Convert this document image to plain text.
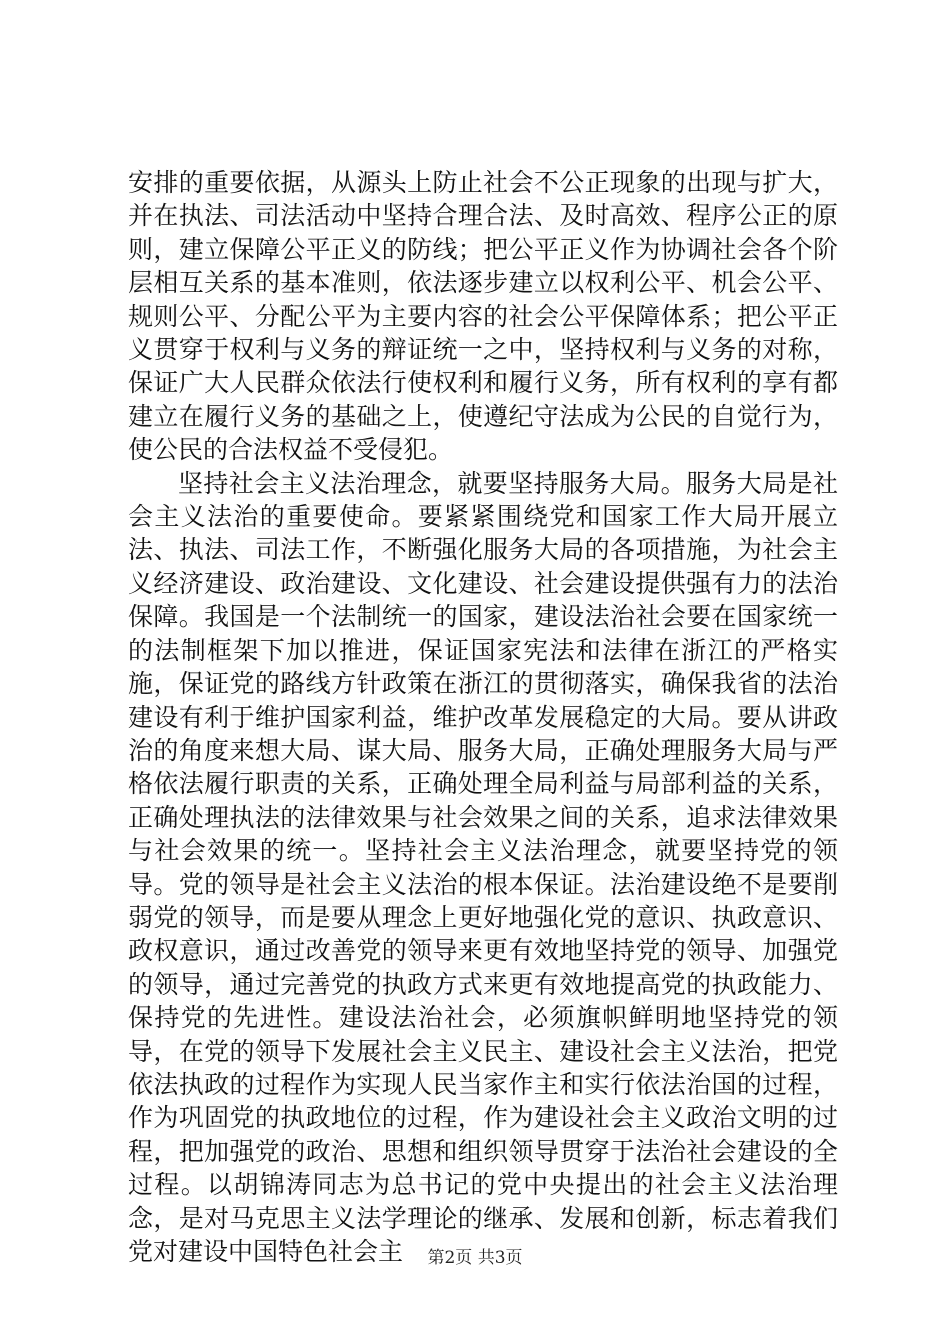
安排的重要依据，从源头上防止社会不公正现象的出现与扩大，并在执法、司法活动中坚持合理合法、及时高效、程序公正的原则，建立保障公平正义的防线；把公平正义作为协调社会各个阶层相互关系的基本准则，依法逐步建立以权利公平、机会公平、规则公平、分配公平为主要内容的社会公平保障体系；把公平正义贯穿于权利与义务的辩证统一之中，坚持权利与义务的对称，保证广大人民群众依法行使权利和履行义务，所有权利的享有都建立在履行义务的基础之上，使遵纪守法成为公民的自觉行为，使公民的合法权益不受侵犯。

坚持社会主义法治理念，就要坚持服务大局。服务大局是社会主义法治的重要使命。要紧紧围绕党和国家工作大局开展立法、执法、司法工作，不断强化服务大局的各项措施，为社会主义经济建设、政治建设、文化建设、社会建设提供强有力的法治保障。我国是一个法制统一的国家，建设法治社会要在国家统一的法制框架下加以推进，保证国家宪法和法律在浙江的严格实施，保证党的路线方针政策在浙江的贯彻落实，确保我省的法治建设有利于维护国家利益，维护改革发展稳定的大局。要从讲政治的角度来想大局、谋大局、服务大局，正确处理服务大局与严格依法履行职责的关系，正确处理全局利益与局部利益的关系，正确处理执法的法律效果与社会效果之间的关系，追求法律效果与社会效果的统一。坚持社会主义法治理念，就要坚持党的领导。党的领导是社会主义法治的根本保证。法治建设绝不是要削弱党的领导，而是要从理念上更好地强化党的意识、执政意识、政权意识，通过改善党的领导来更有效地坚持党的领导、加强党的领导，通过完善党的执政方式来更有效地提高党的执政能力、保持党的先进性。建设法治社会，必须旗帜鲜明地坚持党的领导，在党的领导下发展社会主义民主、建设社会主义法治，把党依法执政的过程作为实现人民当家作主和实行依法治国的过程，作为巩固党的执政地位的过程，作为建设社会主义政治文明的过程，把加强党的政治、思想和组织领导贯穿于法治社会建设的全过程。以胡锦涛同志为总书记的党中央提出的社会主义法治理念，是对马克思主义法学理论的继承、发展和创新，标志着我们党对建设中国特色社会主	第2页 共3页
